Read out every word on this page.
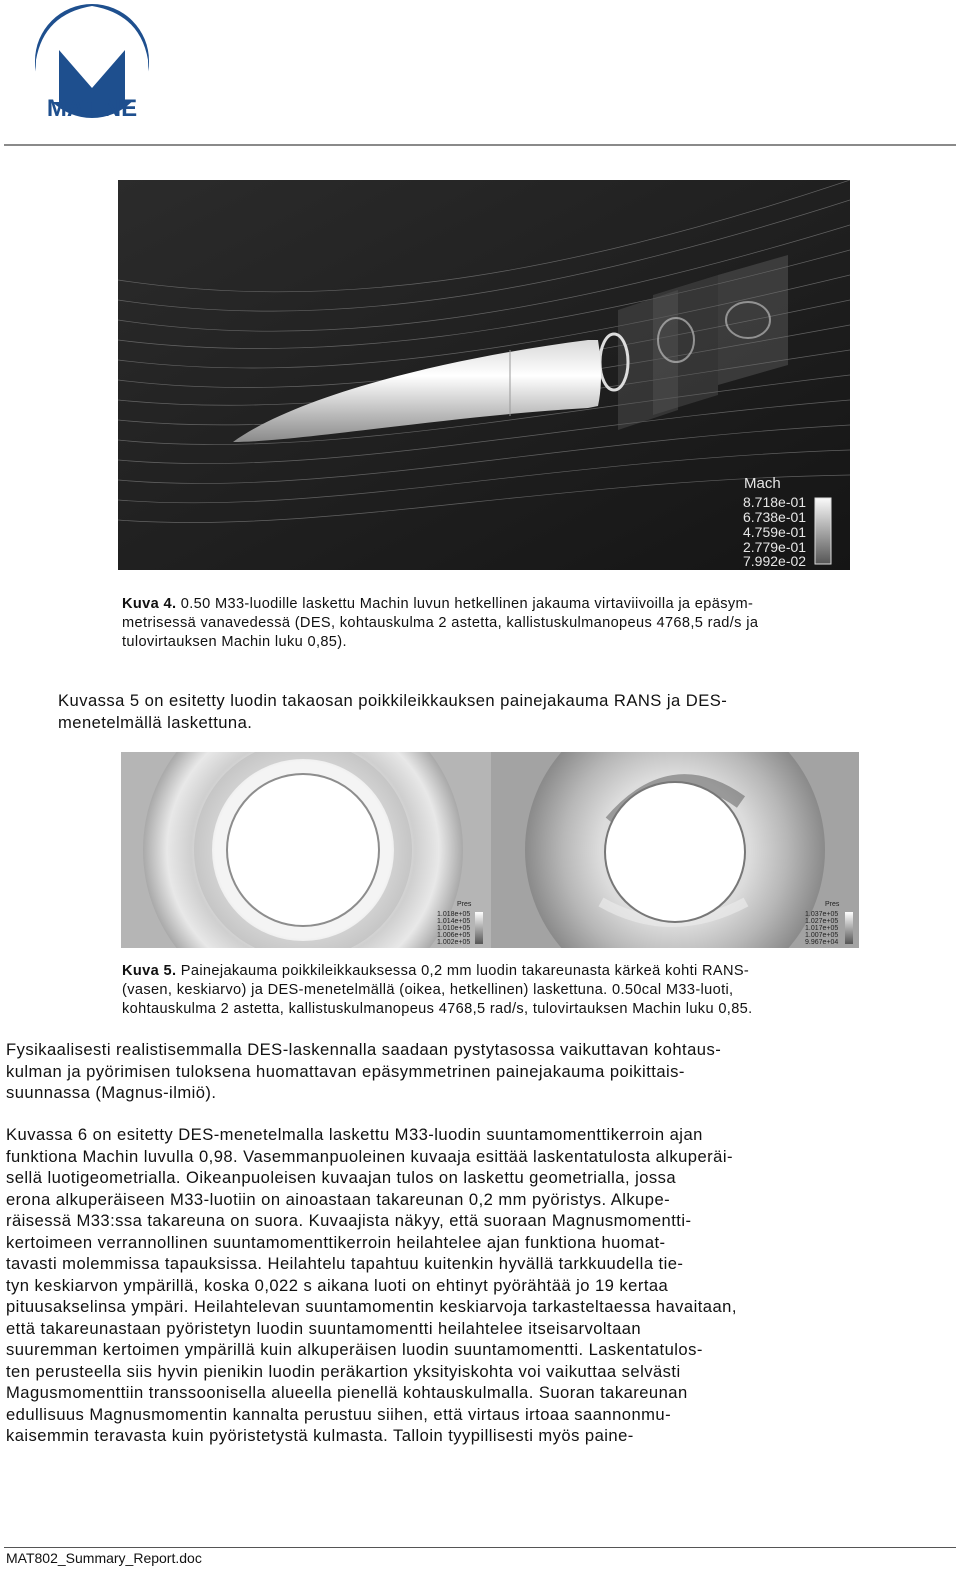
MATINE
Mach
8.718e-01
6.738e-01
4.759e-01
2.779e-01
7.992e-02
Kuva 4. 0.50 M33-luodille laskettu Machin luvun hetkellinen jakauma virtaviivoilla ja epäsym-
metrisessä vanavedessä (DES, kohtauskulma 2 astetta, kallistuskulmanopeus 4768,5 rad/s ja
tulovirtauksen Machin luku 0,85).
Kuvassa 5 on esitetty luodin takaosan poikkileikkauksen painejakauma RANS ja DES-
menetelmällä laskettuna.
Pres
1.018e+05
1.014e+05
1.010e+05
1.006e+05
1.002e+05
Pres
1.037e+05
1.027e+05
1.017e+05
1.007e+05
9.967e+04
Kuva 5. Painejakauma poikkileikkauksessa 0,2 mm luodin takareunasta kärkeä kohti RANS-
(vasen, keskiarvo) ja DES-menetelmällä (oikea, hetkellinen) laskettuna. 0.50cal M33-luoti,
kohtauskulma 2 astetta, kallistuskulmanopeus 4768,5 rad/s, tulovirtauksen Machin luku 0,85.
Fysikaalisesti realistisemmalla DES-laskennalla saadaan pystytasossa vaikuttavan kohtaus-
kulman ja pyörimisen tuloksena huomattavan epäsymmetrinen painejakauma poikittais-
suunnassa (Magnus-ilmiö).
Kuvassa 6 on esitetty DES-menetelmalla laskettu M33-luodin suuntamomenttikerroin ajan
funktiona Machin luvulla 0,98. Vasemmanpuoleinen kuvaaja esittää laskentatulosta alkuperäi-
sellä luotigeometrialla. Oikeanpuoleisen kuvaajan tulos on laskettu geometrialla, jossa
erona alkuperäiseen M33-luotiin on ainoastaan takareunan 0,2 mm pyöristys. Alkupe-
räisessä M33:ssa takareuna on suora. Kuvaajista näkyy, että suoraan Magnusmomentti-
kertoimeen verrannollinen suuntamomenttikerroin heilahtelee ajan funktiona huomat-
tavasti molemmissa tapauksissa. Heilahtelu tapahtuu kuitenkin hyvällä tarkkuudella tie-
tyn keskiarvon ympärillä, koska 0,022 s aikana luoti on ehtinyt pyörähtää jo 19 kertaa
pituusakselinsa ympäri. Heilahtelevan suuntamomentin keskiarvoja tarkasteltaessa havaitaan,
että takareunastaan pyöristetyn luodin suuntamomentti heilahtelee itseisarvoltaan
suuremman kertoimen ympärillä kuin alkuperäisen luodin suuntamomentti. Laskentatulos-
ten perusteella siis hyvin pienikin luodin peräkartion yksityiskohta voi vaikuttaa selvästi
Magusmomenttiin transsoonisella alueella pienellä kohtauskulmalla. Suoran takareunan
edullisuus Magnusmomentin kannalta perustuu siihen, että virtaus irtoaa saannonmu-
kaisemmin teravasta kuin pyöristetystä kulmasta. Talloin tyypillisesti myös paine-
MAT802_Summary_Report.doc
